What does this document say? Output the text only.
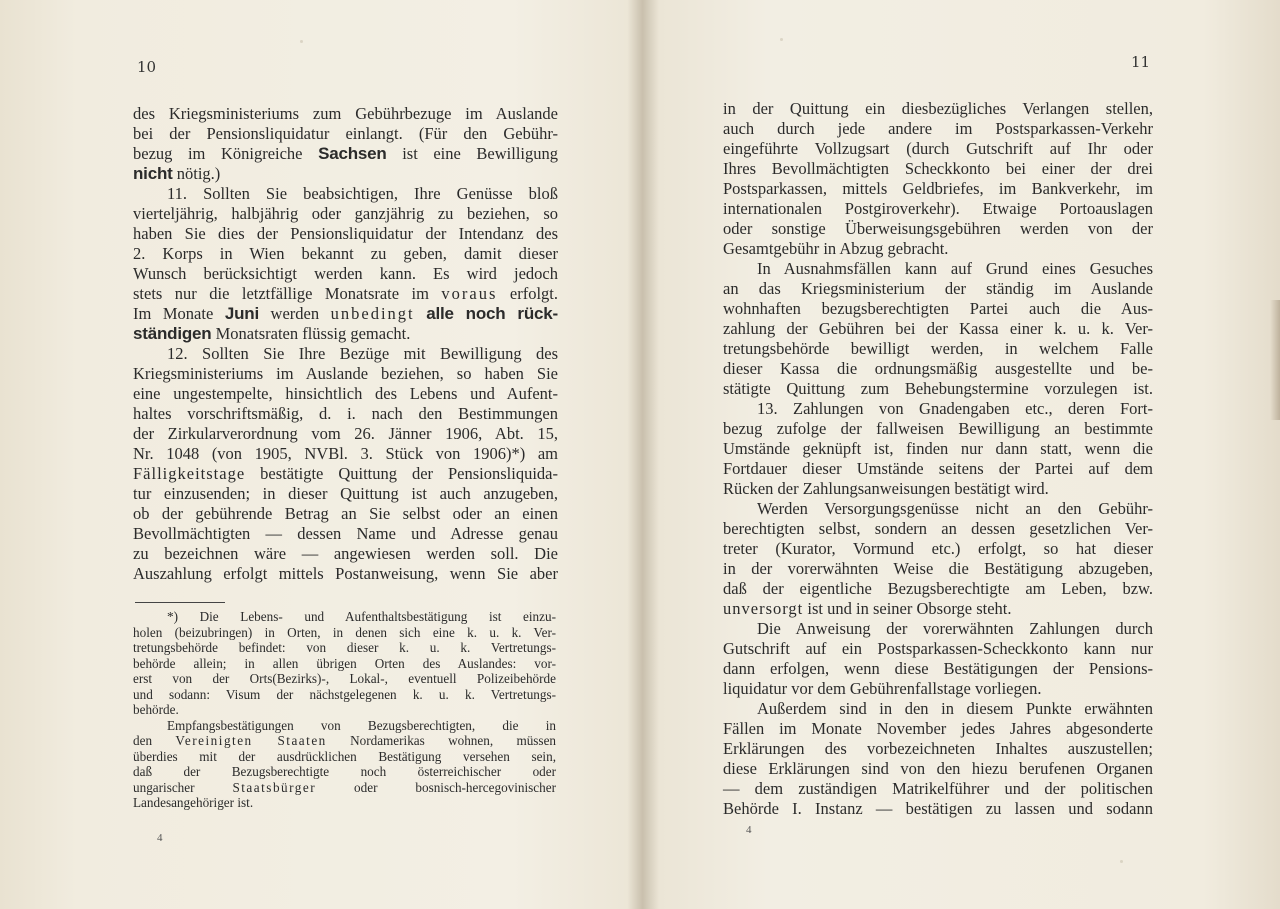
10
des Kriegsministeriums zum Gebührbezuge im Auslande
bei der Pensionsliquidatur einlangt. (Für den Gebühr-
bezug im Königreiche Sachsen ist eine Bewilligung
nicht nötig.)
11. Sollten Sie beabsichtigen, Ihre Genüsse bloß
vierteljährig, halbjährig oder ganzjährig zu beziehen, so
haben Sie dies der Pensionsliquidatur der Intendanz des
2. Korps in Wien bekannt zu geben, damit dieser
Wunsch berücksichtigt werden kann. Es wird jedoch
stets nur die letztfällige Monatsrate im voraus erfolgt.
Im Monate Juni werden unbedingt alle noch rück-
ständigen Monatsraten flüssig gemacht.
12. Sollten Sie Ihre Bezüge mit Bewilligung des
Kriegsministeriums im Auslande beziehen, so haben Sie
eine ungestempelte, hinsichtlich des Lebens und Aufent-
haltes vorschriftsmäßig, d. i. nach den Bestimmungen
der Zirkularverordnung vom 26. Jänner 1906, Abt. 15,
Nr. 1048 (von 1905, NVBl. 3. Stück von 1906)*) am
Fälligkeitstage bestätigte Quittung der Pensionsliquida-
tur einzusenden; in dieser Quittung ist auch anzugeben,
ob der gebührende Betrag an Sie selbst oder an einen
Bevollmächtigten — dessen Name und Adresse genau
zu bezeichnen wäre — angewiesen werden soll. Die
Auszahlung erfolgt mittels Postanweisung, wenn Sie aber
*) Die Lebens- und Aufenthaltsbestätigung ist einzu-
holen (beizubringen) in Orten, in denen sich eine k. u. k. Ver-
tretungsbehörde befindet: von dieser k. u. k. Vertretungs-
behörde allein; in allen übrigen Orten des Auslandes: vor-
erst von der Orts(Bezirks)-, Lokal-, eventuell Polizeibehörde
und sodann: Visum der nächstgelegenen k. u. k. Vertretungs-
behörde.
Empfangsbestätigungen von Bezugsberechtigten, die in
den Vereinigten Staaten Nordamerikas wohnen, müssen
überdies mit der ausdrücklichen Bestätigung versehen sein,
daß der Bezugsberechtigte noch österreichischer oder
ungarischer Staatsbürger oder bosnisch-hercegovinischer
Landesangehöriger ist.
4
11
in der Quittung ein diesbezügliches Verlangen stellen,
auch durch jede andere im Postsparkassen-Verkehr
eingeführte Vollzugsart (durch Gutschrift auf Ihr oder
Ihres Bevollmächtigten Scheckkonto bei einer der drei
Postsparkassen, mittels Geldbriefes, im Bankverkehr, im
internationalen Postgiroverkehr). Etwaige Portoauslagen
oder sonstige Überweisungsgebühren werden von der
Gesamtgebühr in Abzug gebracht.
In Ausnahmsfällen kann auf Grund eines Gesuches
an das Kriegsministerium der ständig im Auslande
wohnhaften bezugsberechtigten Partei auch die Aus-
zahlung der Gebühren bei der Kassa einer k. u. k. Ver-
tretungsbehörde bewilligt werden, in welchem Falle
dieser Kassa die ordnungsmäßig ausgestellte und be-
stätigte Quittung zum Behebungstermine vorzulegen ist.
13. Zahlungen von Gnadengaben etc., deren Fort-
bezug zufolge der fallweisen Bewilligung an bestimmte
Umstände geknüpft ist, finden nur dann statt, wenn die
Fortdauer dieser Umstände seitens der Partei auf dem
Rücken der Zahlungsanweisungen bestätigt wird.
Werden Versorgungsgenüsse nicht an den Gebühr-
berechtigten selbst, sondern an dessen gesetzlichen Ver-
treter (Kurator, Vormund etc.) erfolgt, so hat dieser
in der vorerwähnten Weise die Bestätigung abzugeben,
daß der eigentliche Bezugsberechtigte am Leben, bzw.
unversorgt ist und in seiner Obsorge steht.
Die Anweisung der vorerwähnten Zahlungen durch
Gutschrift auf ein Postsparkassen-Scheckkonto kann nur
dann erfolgen, wenn diese Bestätigungen der Pensions-
liquidatur vor dem Gebührenfallstage vorliegen.
Außerdem sind in den in diesem Punkte erwähnten
Fällen im Monate November jedes Jahres abgesonderte
Erklärungen des vorbezeichneten Inhaltes auszustellen;
diese Erklärungen sind von den hiezu berufenen Organen
— dem zuständigen Matrikelführer und der politischen
Behörde I. Instanz — bestätigen zu lassen und sodann
4
